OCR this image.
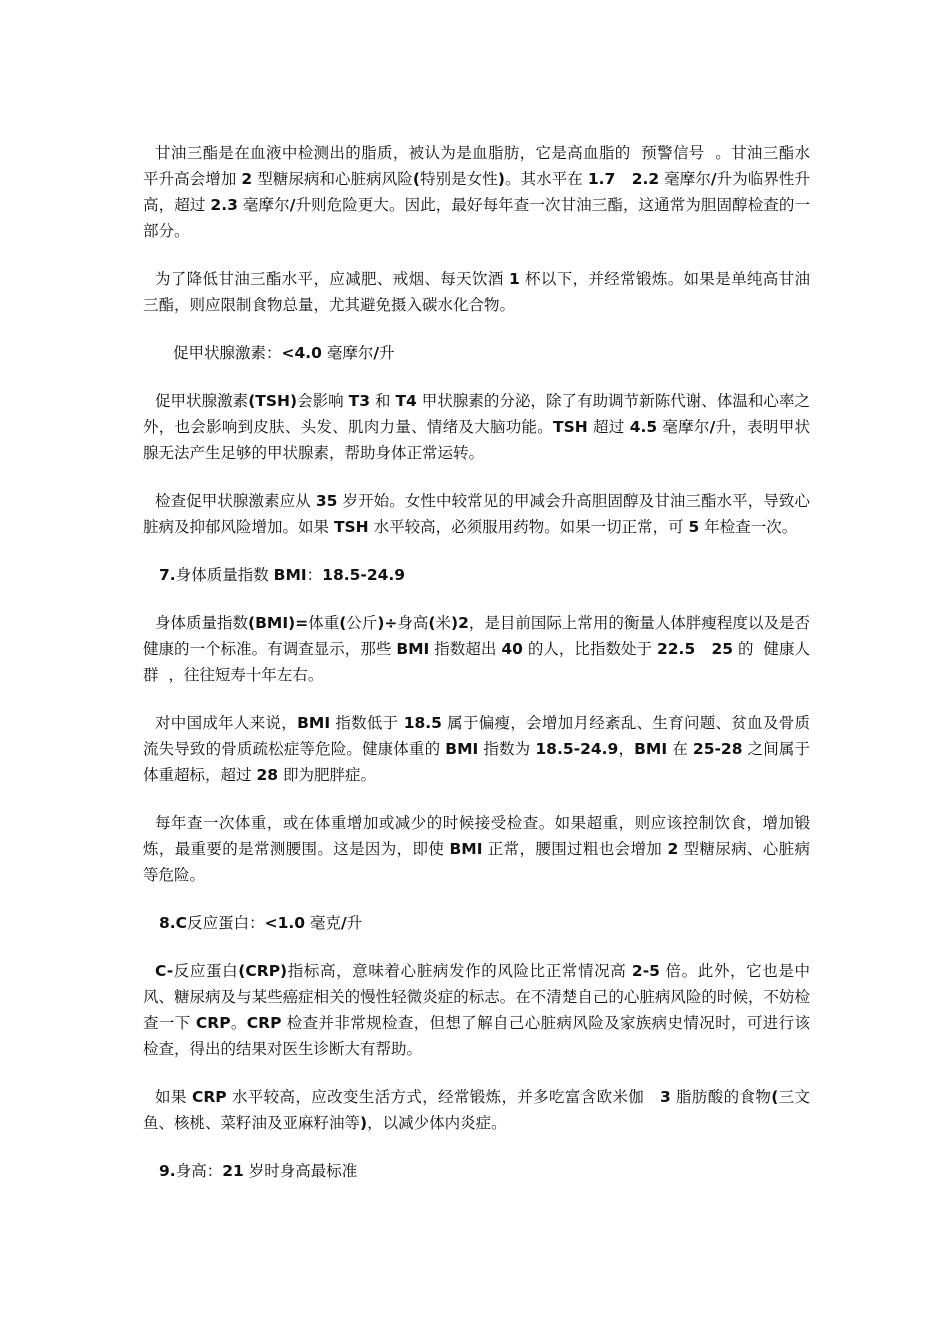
甘油三酯是在血液中检测出的脂质，被认为是血脂肪，它是高血脂的  预警信号  。甘油三酯水平升高会增加 2 型糖尿病和心脏病风险(特别是女性)。其水平在 1.7   2.2 毫摩尔/升为临界性升高，超过 2.3 毫摩尔/升则危险更大。因此，最好每年查一次甘油三酯，这通常为胆固醇检查的一部分。

为了降低甘油三酯水平，应减肥、戒烟、每天饮酒 1 杯以下，并经常锻炼。如果是单纯高甘油三酯，则应限制食物总量，尤其避免摄入碳水化合物。

促甲状腺激素：<4.0 毫摩尔/升

促甲状腺激素(TSH)会影响 T3 和 T4 甲状腺素的分泌，除了有助调节新陈代谢、体温和心率之外，也会影响到皮肤、头发、肌肉力量、情绪及大脑功能。TSH 超过 4.5 毫摩尔/升，表明甲状腺无法产生足够的甲状腺素，帮助身体正常运转。

检查促甲状腺激素应从 35 岁开始。女性中较常见的甲减会升高胆固醇及甘油三酯水平，导致心脏病及抑郁风险增加。如果 TSH 水平较高，必须服用药物。如果一切正常，可 5 年检查一次。

7.身体质量指数 BMI：18.5-24.9

身体质量指数(BMI)=体重(公斤)÷身高(米)2，是目前国际上常用的衡量人体胖瘦程度以及是否健康的一个标准。有调查显示，那些 BMI 指数超出 40 的人，比指数处于 22.5   25 的  健康人群  ，往往短寿十年左右。

对中国成年人来说，BMI 指数低于 18.5 属于偏瘦，会增加月经紊乱、生育问题、贫血及骨质流失导致的骨质疏松症等危险。健康体重的 BMI 指数为 18.5-24.9，BMI 在 25-28 之间属于体重超标，超过 28 即为肥胖症。

每年查一次体重，或在体重增加或减少的时候接受检查。如果超重，则应该控制饮食，增加锻炼，最重要的是常测腰围。这是因为，即使 BMI 正常，腰围过粗也会增加 2 型糖尿病、心脏病等危险。

8.C反应蛋白：<1.0 毫克/升

C-反应蛋白(CRP)指标高，意味着心脏病发作的风险比正常情况高 2-5 倍。此外，它也是中风、糖尿病及与某些癌症相关的慢性轻微炎症的标志。在不清楚自己的心脏病风险的时候，不妨检查一下 CRP。CRP 检查并非常规检查，但想了解自己心脏病风险及家族病史情况时，可进行该检查，得出的结果对医生诊断大有帮助。

如果 CRP 水平较高，应改变生活方式，经常锻炼，并多吃富含欧米伽   3 脂肪酸的食物(三文鱼、核桃、菜籽油及亚麻籽油等)，以减少体内炎症。

9.身高：21 岁时身高最标准
